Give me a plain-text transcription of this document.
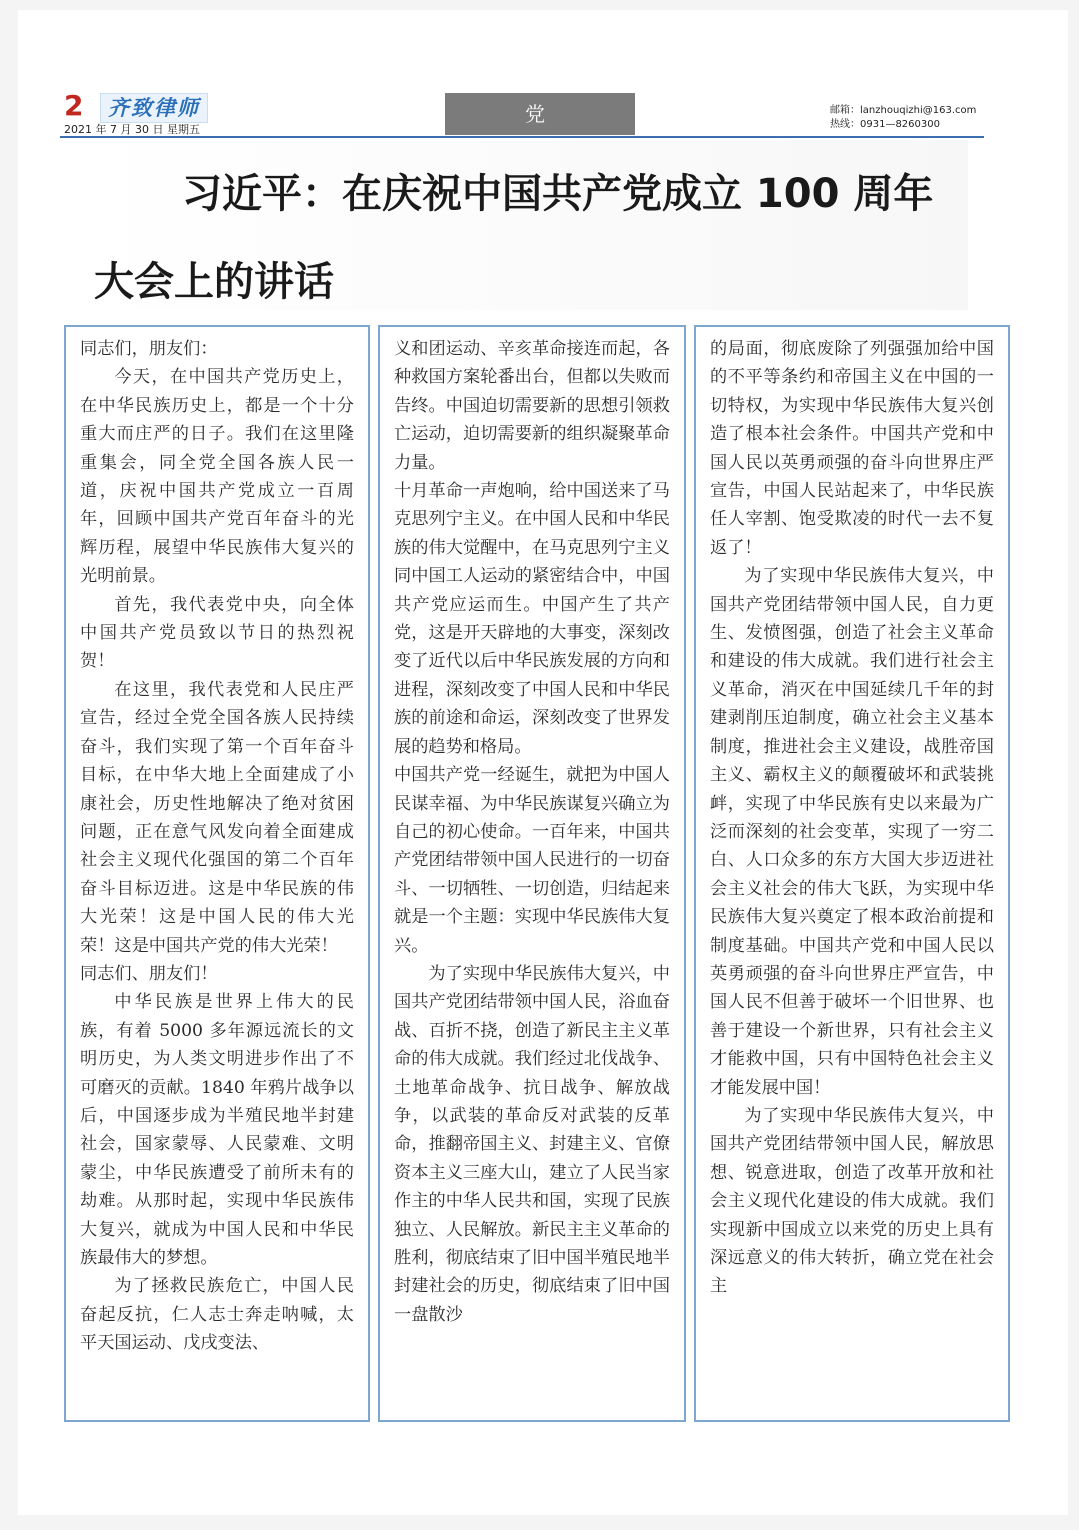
2	齐致律师
2021 年 7 月 30 日 星期五
党	邮箱：lanzhouqizhi@163.com
热线：0931—8260300
习近平：在庆祝中国共产党成立 100 周年
大会上的讲话

同志们，朋友们：

今天，在中国共产党历史上，在中华民族历史上，都是一个十分重大而庄严的日子。我们在这里隆重集会，同全党全国各族人民一道，庆祝中国共产党成立一百周年，回顾中国共产党百年奋斗的光辉历程，展望中华民族伟大复兴的光明前景。

首先，我代表党中央，向全体中国共产党员致以节日的热烈祝贺！

在这里，我代表党和人民庄严宣告，经过全党全国各族人民持续奋斗，我们实现了第一个百年奋斗目标，在中华大地上全面建成了小康社会，历史性地解决了绝对贫困问题，正在意气风发向着全面建成社会主义现代化强国的第二个百年奋斗目标迈进。这是中华民族的伟大光荣！这是中国人民的伟大光荣！这是中国共产党的伟大光荣！

同志们、朋友们！

中华民族是世界上伟大的民族，有着 5000 多年源远流长的文明历史，为人类文明进步作出了不可磨灭的贡献。1840 年鸦片战争以后，中国逐步成为半殖民地半封建社会，国家蒙辱、人民蒙难、文明蒙尘，中华民族遭受了前所未有的劫难。从那时起，实现中华民族伟大复兴，就成为中国人民和中华民族最伟大的梦想。

为了拯救民族危亡，中国人民奋起反抗，仁人志士奔走呐喊，太平天国运动、戊戌变法、

义和团运动、辛亥革命接连而起，各种救国方案轮番出台，但都以失败而告终。中国迫切需要新的思想引领救亡运动，迫切需要新的组织凝聚革命力量。

十月革命一声炮响，给中国送来了马克思列宁主义。在中国人民和中华民族的伟大觉醒中，在马克思列宁主义同中国工人运动的紧密结合中，中国共产党应运而生。中国产生了共产党，这是开天辟地的大事变，深刻改变了近代以后中华民族发展的方向和进程，深刻改变了中国人民和中华民族的前途和命运，深刻改变了世界发展的趋势和格局。

中国共产党一经诞生，就把为中国人民谋幸福、为中华民族谋复兴确立为自己的初心使命。一百年来，中国共产党团结带领中国人民进行的一切奋斗、一切牺牲、一切创造，归结起来就是一个主题：实现中华民族伟大复兴。

为了实现中华民族伟大复兴，中国共产党团结带领中国人民，浴血奋战、百折不挠，创造了新民主主义革命的伟大成就。我们经过北伐战争、土地革命战争、抗日战争、解放战争，以武装的革命反对武装的反革命，推翻帝国主义、封建主义、官僚资本主义三座大山，建立了人民当家作主的中华人民共和国，实现了民族独立、人民解放。新民主主义革命的胜利，彻底结束了旧中国半殖民地半封建社会的历史，彻底结束了旧中国一盘散沙

的局面，彻底废除了列强强加给中国的不平等条约和帝国主义在中国的一切特权，为实现中华民族伟大复兴创造了根本社会条件。中国共产党和中国人民以英勇顽强的奋斗向世界庄严宣告，中国人民站起来了，中华民族任人宰割、饱受欺凌的时代一去不复返了！

为了实现中华民族伟大复兴，中国共产党团结带领中国人民，自力更生、发愤图强，创造了社会主义革命和建设的伟大成就。我们进行社会主义革命，消灭在中国延续几千年的封建剥削压迫制度，确立社会主义基本制度，推进社会主义建设，战胜帝国主义、霸权主义的颠覆破坏和武装挑衅，实现了中华民族有史以来最为广泛而深刻的社会变革，实现了一穷二白、人口众多的东方大国大步迈进社会主义社会的伟大飞跃，为实现中华民族伟大复兴奠定了根本政治前提和制度基础。中国共产党和中国人民以英勇顽强的奋斗向世界庄严宣告，中国人民不但善于破坏一个旧世界、也善于建设一个新世界，只有社会主义才能救中国，只有中国特色社会主义才能发展中国！

为了实现中华民族伟大复兴，中国共产党团结带领中国人民，解放思想、锐意进取，创造了改革开放和社会主义现代化建设的伟大成就。我们实现新中国成立以来党的历史上具有深远意义的伟大转折，确立党在社会主
